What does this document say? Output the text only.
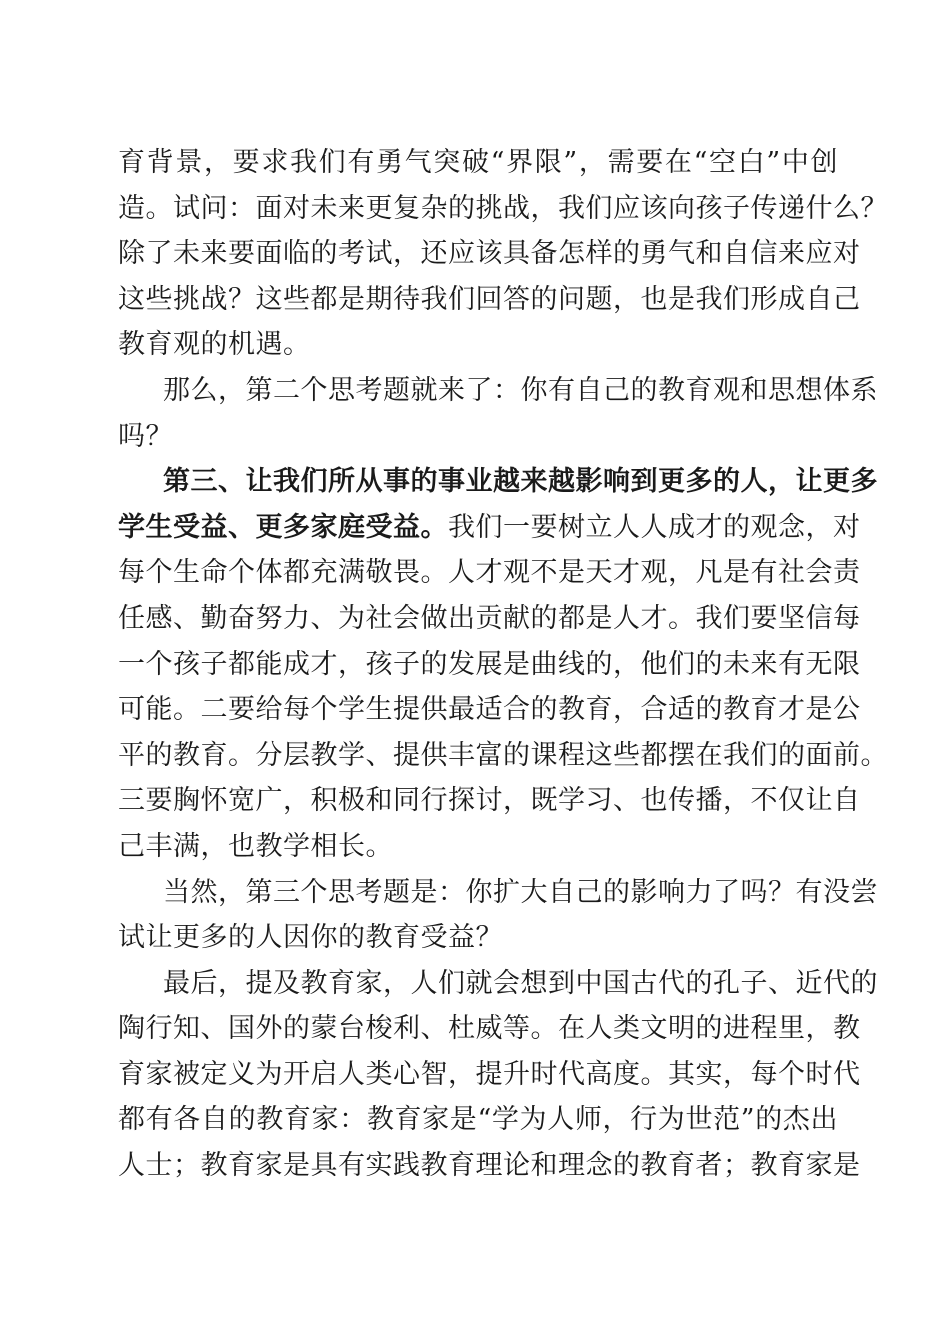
育背景，要求我们有勇气突破“界限”，需要在“空白”中创
造。试问：面对未来更复杂的挑战，我们应该向孩子传递什么？
除了未来要面临的考试，还应该具备怎样的勇气和自信来应对
这些挑战？这些都是期待我们回答的问题，也是我们形成自己
教育观的机遇。
那么，第二个思考题就来了：你有自己的教育观和思想体系
吗？
第三、让我们所从事的事业越来越影响到更多的人，让更多
学生受益、更多家庭受益。我们一要树立人人成才的观念，对
每个生命个体都充满敬畏。人才观不是天才观，凡是有社会责
任感、勤奋努力、为社会做出贡献的都是人才。我们要坚信每
一个孩子都能成才，孩子的发展是曲线的，他们的未来有无限
可能。二要给每个学生提供最适合的教育，合适的教育才是公
平的教育。分层教学、提供丰富的课程这些都摆在我们的面前。
三要胸怀宽广，积极和同行探讨，既学习、也传播，不仅让自
己丰满，也教学相长。
当然，第三个思考题是：你扩大自己的影响力了吗？有没尝
试让更多的人因你的教育受益？
最后，提及教育家，人们就会想到中国古代的孔子、近代的
陶行知、国外的蒙台梭利、杜威等。在人类文明的进程里，教
育家被定义为开启人类心智，提升时代高度。其实，每个时代
都有各自的教育家：教育家是“学为人师，行为世范”的杰出
人士；教育家是具有实践教育理论和理念的教育者；教育家是
